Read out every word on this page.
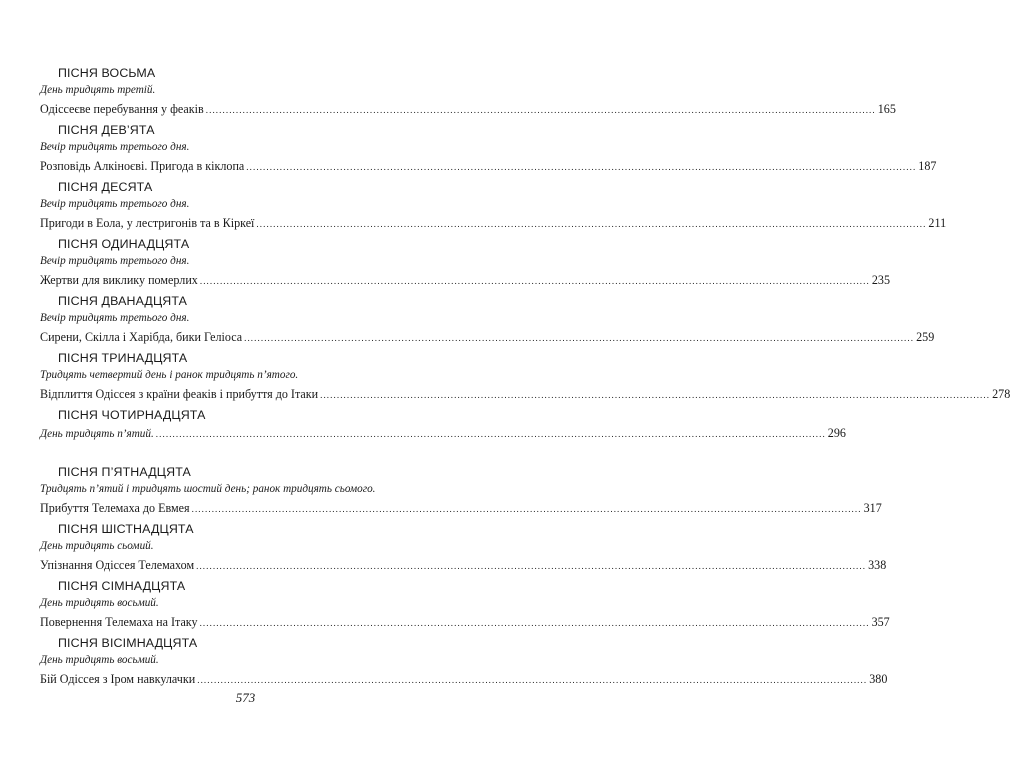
ПІСНЯ ВОСЬМА
День тридцять третій.
Одіссеєве перебування у феаків ........................................................................................................................................................................................................ 165
ПІСНЯ ДЕВ’ЯТА
Вечір тридцять третього дня.
Розповідь Алкіноєві. Пригода в кіклопа ........................................................................................................................................................................................................ 187
ПІСНЯ ДЕСЯТА
Вечір тридцять третього дня.
Пригоди в Еола, у лестригонів та в Кіркеї ........................................................................................................................................................................................................ 211
ПІСНЯ ОДИНАДЦЯТА
Вечір тридцять третього дня.
Жертви для виклику померлих ........................................................................................................................................................................................................ 235
ПІСНЯ ДВАНАДЦЯТА
Вечір тридцять третього дня.
Сирени, Скілла і Харібда, бики Геліоса ........................................................................................................................................................................................................ 259
ПІСНЯ ТРИНАДЦЯТА
Тридцять четвертий день і ранок тридцять п’ятого.
Відплиття Одіссея з країни феаків і прибуття до Ітаки ........................................................................................................................................................................................................ 278
ПІСНЯ ЧОТИРНАДЦЯТА
День тридцять п’ятий. ........................................................................................................................................................................................................ 296
ПІСНЯ П’ЯТНАДЦЯТА
Тридцять п’ятий і тридцять шостий день; ранок тридцять сьомого.
Прибуття Телемаха до Евмея ........................................................................................................................................................................................................ 317
ПІСНЯ ШІСТНАДЦЯТА
День тридцять сьомий.
Упізнання Одіссея Телемахом ........................................................................................................................................................................................................ 338
ПІСНЯ СІМНАДЦЯТА
День тридцять восьмий.
Повернення Телемаха на Ітаку ........................................................................................................................................................................................................ 357
ПІСНЯ ВІСІМНАДЦЯТА
День тридцять восьмий.
Бій Одіссея з Іром навкулачки ........................................................................................................................................................................................................ 380
573
